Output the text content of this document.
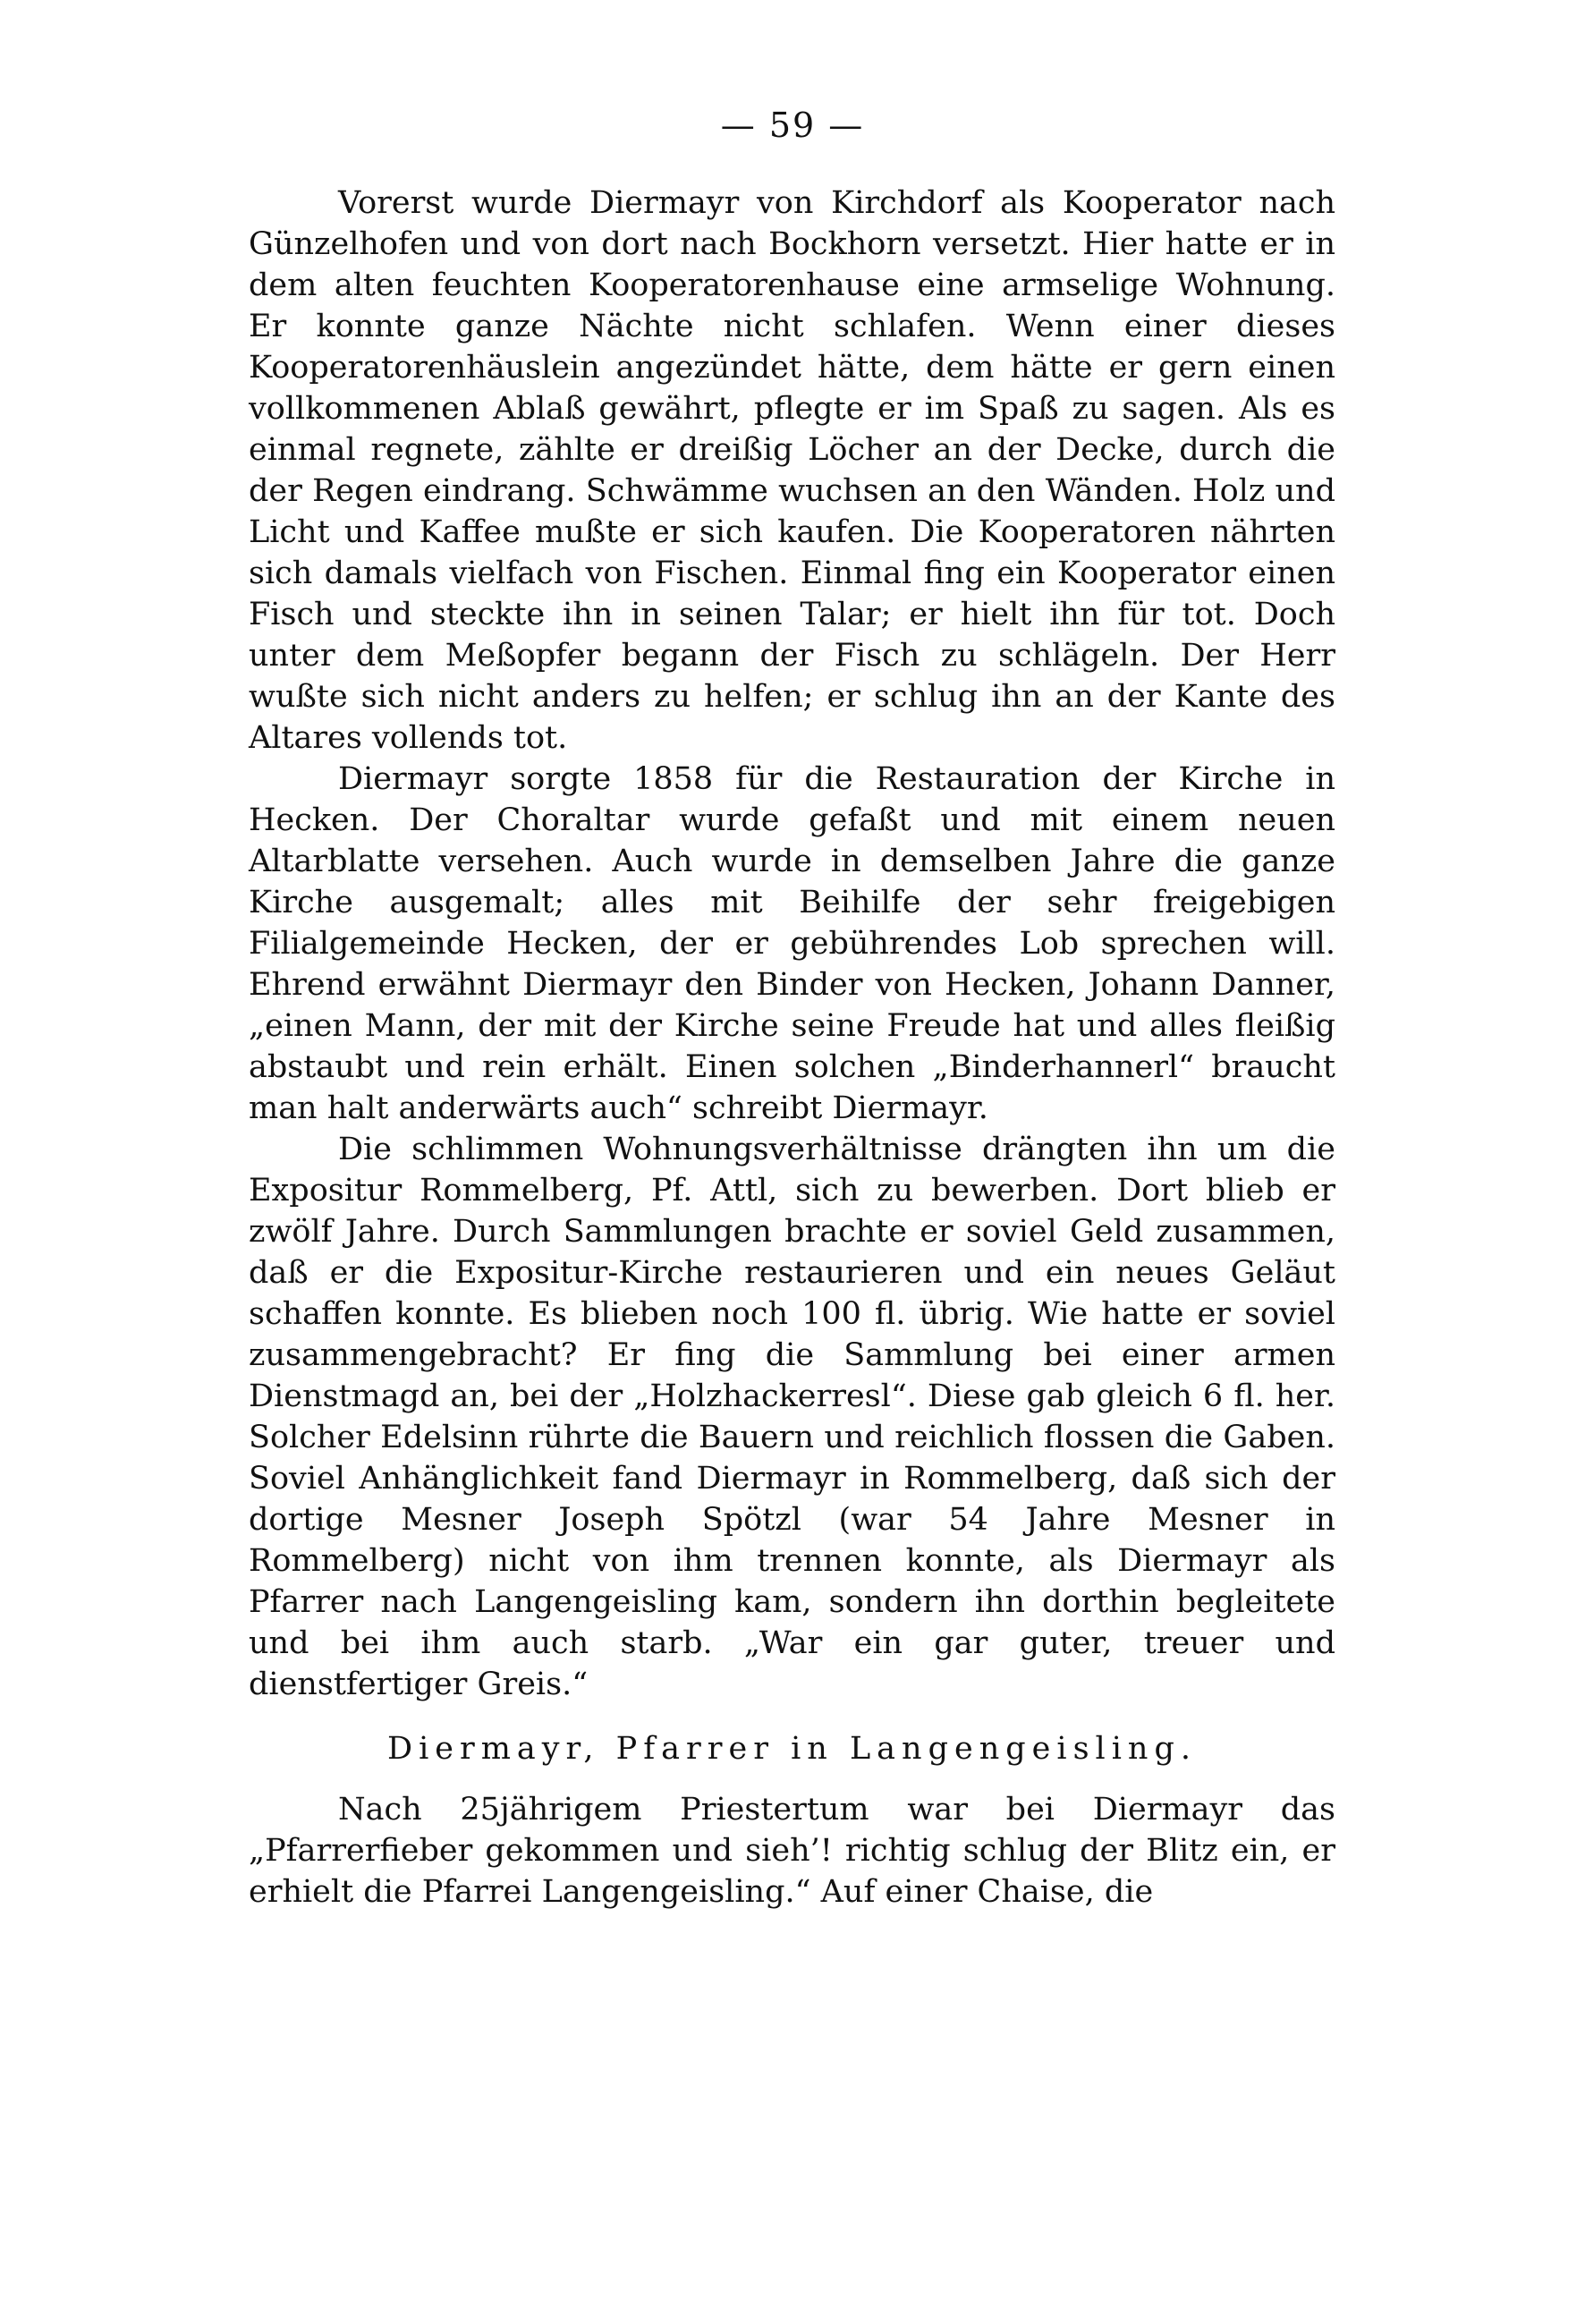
— 59 —

Vorerst wurde Diermayr von Kirchdorf als Kooperator nach Günzelhofen und von dort nach Bockhorn versetzt. Hier hatte er in dem alten feuchten Kooperatorenhause eine armselige Wohnung. Er konnte ganze Nächte nicht schlafen. Wenn einer dieses Kooperatorenhäuslein angezündet hätte, dem hätte er gern einen vollkommenen Ablaß gewährt, pflegte er im Spaß zu sagen. Als es einmal regnete, zählte er dreißig Löcher an der Decke, durch die der Regen eindrang. Schwämme wuchsen an den Wänden. Holz und Licht und Kaffee mußte er sich kaufen. Die Kooperatoren nährten sich damals vielfach von Fischen. Einmal fing ein Kooperator einen Fisch und steckte ihn in seinen Talar; er hielt ihn für tot. Doch unter dem Meßopfer begann der Fisch zu schlägeln. Der Herr wußte sich nicht anders zu helfen; er schlug ihn an der Kante des Altares vollends tot.

Diermayr sorgte 1858 für die Restauration der Kirche in Hecken. Der Choraltar wurde gefaßt und mit einem neuen Altarblatte versehen. Auch wurde in demselben Jahre die ganze Kirche ausgemalt; alles mit Beihilfe der sehr freigebigen Filialgemeinde Hecken, der er gebührendes Lob sprechen will. Ehrend erwähnt Diermayr den Binder von Hecken, Johann Danner, „einen Mann, der mit der Kirche seine Freude hat und alles fleißig abstaubt und rein erhält. Einen solchen „Binderhannerl“ braucht man halt anderwärts auch“ schreibt Diermayr.

Die schlimmen Wohnungsverhältnisse drängten ihn um die Expositur Rommelberg, Pf. Attl, sich zu bewerben. Dort blieb er zwölf Jahre. Durch Sammlungen brachte er soviel Geld zusammen, daß er die Expositur-Kirche restaurieren und ein neues Geläut schaffen konnte. Es blieben noch 100 fl. übrig. Wie hatte er soviel zusammengebracht? Er fing die Sammlung bei einer armen Dienstmagd an, bei der „Holzhackerresl“. Diese gab gleich 6 fl. her. Solcher Edelsinn rührte die Bauern und reichlich flossen die Gaben. Soviel Anhänglichkeit fand Diermayr in Rommelberg, daß sich der dortige Mesner Joseph Spötzl (war 54 Jahre Mesner in Rommelberg) nicht von ihm trennen konnte, als Diermayr als Pfarrer nach Langengeisling kam, sondern ihn dorthin begleitete und bei ihm auch starb. „War ein gar guter, treuer und dienstfertiger Greis.“

Diermayr, Pfarrer in Langengeisling.

Nach 25jährigem Priestertum war bei Diermayr das „Pfarrerfieber gekommen und sieh’! richtig schlug der Blitz ein, er erhielt die Pfarrei Langengeisling.“ Auf einer Chaise, die
